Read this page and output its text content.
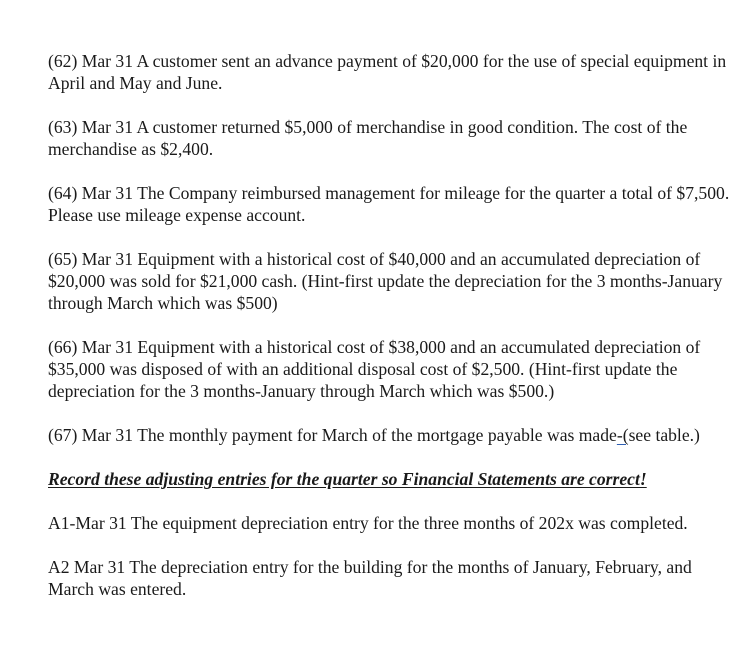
(62) Mar 31 A customer sent an advance payment of $20,000 for the use of special equipment in April and May and June.

(63) Mar 31 A customer returned $5,000 of merchandise in good condition. The cost of the merchandise as $2,400.

(64) Mar 31 The Company reimbursed management for mileage for the quarter a total of $7,500. Please use mileage expense account.

(65) Mar 31 Equipment with a historical cost of $40,000 and an accumulated depreciation of $20,000 was sold for $21,000 cash. (Hint-first update the depreciation for the 3 months-January through March which was $500)

(66) Mar 31 Equipment with a historical cost of $38,000 and an accumulated depreciation of $35,000 was disposed of with an additional disposal cost of $2,500. (Hint-first update the depreciation for the 3 months-January through March which was $500.)

(67) Mar 31 The monthly payment for March of the mortgage payable was made-(see table.)

Record these adjusting entries for the quarter so Financial Statements are correct!

A1-Mar 31 The equipment depreciation entry for the three months of 202x was completed.

A2 Mar 31 The depreciation entry for the building for the months of January, February, and March was entered.
